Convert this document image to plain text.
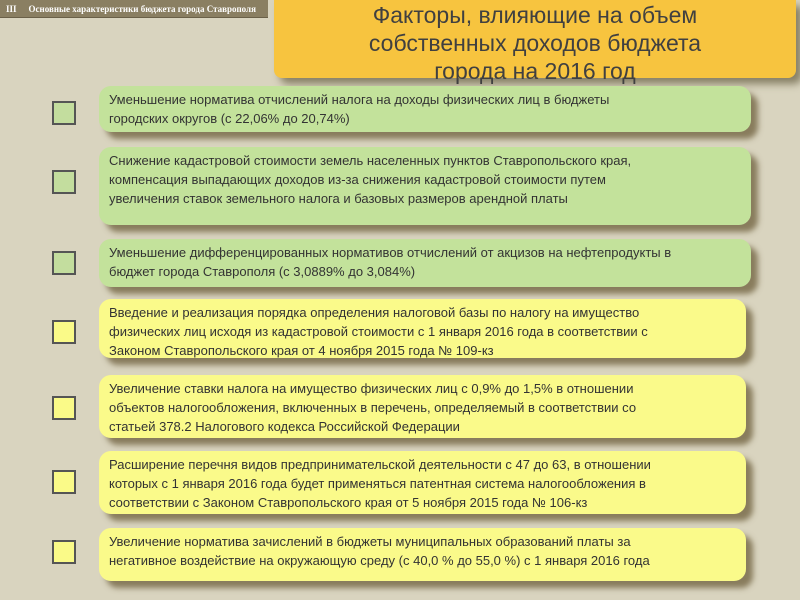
III Основные характеристики бюджета города Ставрополя	Факторы, влияющие на объем
собственных доходов бюджета
города на 2016 год
Уменьшение норматива отчислений налога на доходы физических лиц в бюджеты
городских округов (с 22,06% до 20,74%)
Снижение кадастровой стоимости земель населенных пунктов Ставропольского края,
компенсация выпадающих доходов из-за снижения кадастровой стоимости путем
увеличения ставок земельного налога и базовых размеров арендной платы
Уменьшение дифференцированных нормативов отчислений от акцизов на нефтепродукты в
бюджет города Ставрополя (с 3,0889% до 3,084%)
Введение и реализация порядка определения налоговой базы по налогу на имущество
физических лиц исходя из кадастровой стоимости с 1 января 2016 года в соответствии с
Законом Ставропольского края от 4 ноября 2015 года № 109-кз
Увеличение ставки налога на имущество физических лиц с 0,9% до 1,5% в отношении
объектов налогообложения, включенных в перечень, определяемый в соответствии со
статьей 378.2 Налогового кодекса Российской Федерации
Расширение перечня видов предпринимательской деятельности с 47 до 63, в отношении
которых с 1 января 2016 года будет применяться патентная система налогообложения в
соответствии с Законом Ставропольского края от 5 ноября 2015 года № 106-кз
Увеличение норматива зачислений в бюджеты муниципальных образований платы за
негативное воздействие на окружающую среду (с 40,0 % до 55,0 %) с 1 января 2016 года
